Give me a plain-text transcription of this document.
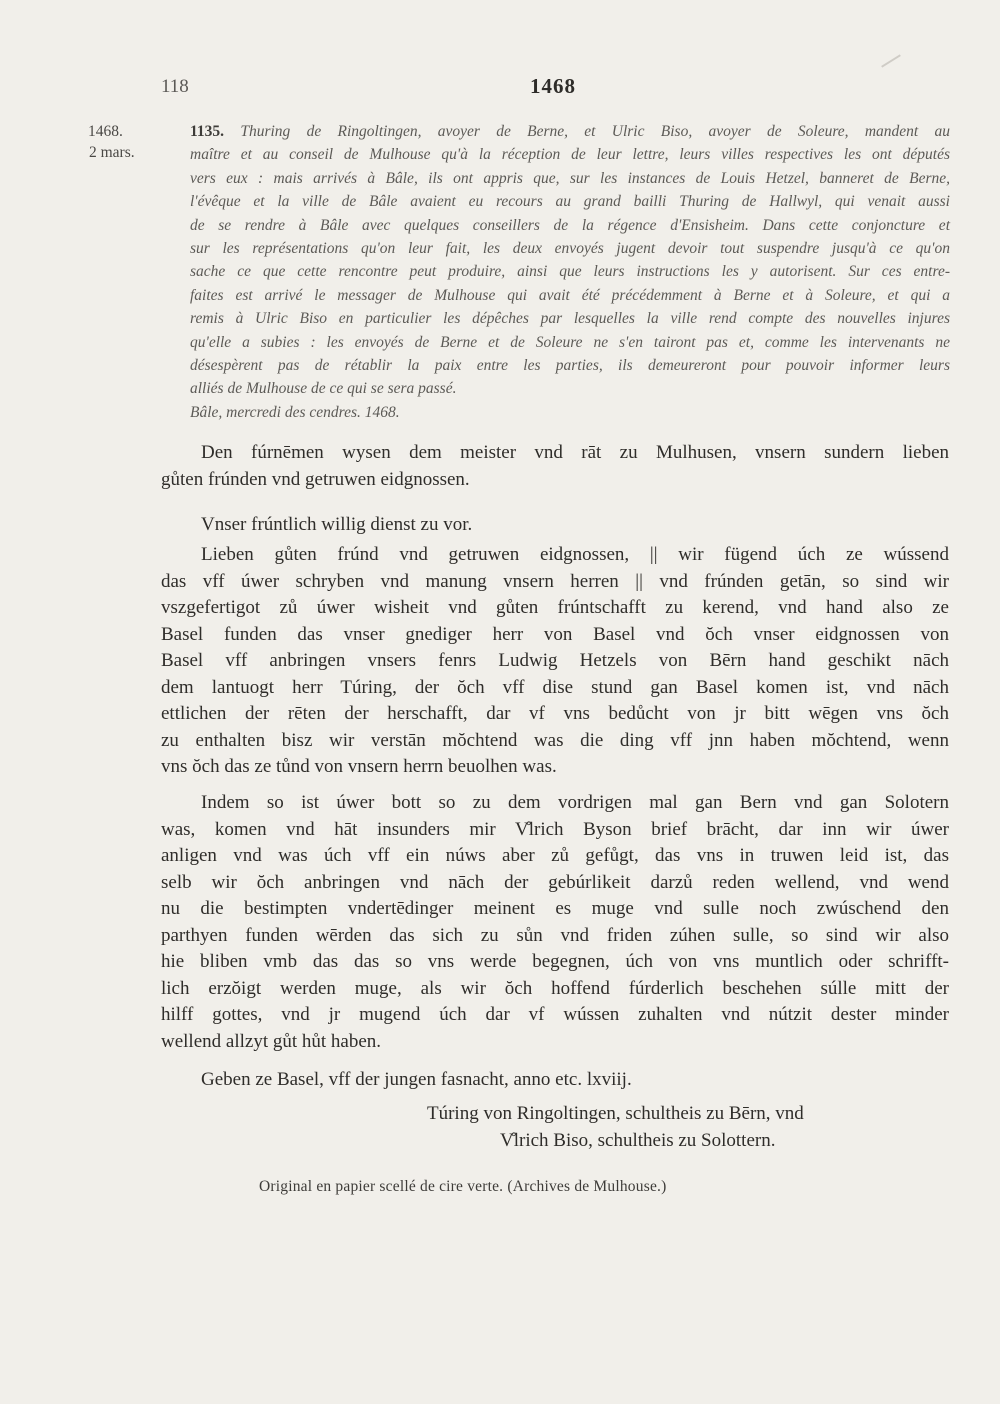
118	1468
1468.
2 mars.
1135. Thuring de Ringoltingen, avoyer de Berne, et Ulric Biso, avoyer de Soleure, mandent au
maître et au conseil de Mulhouse qu'à la réception de leur lettre, leurs villes respectives les ont députés
vers eux : mais arrivés à Bâle, ils ont appris que, sur les instances de Louis Hetzel, banneret de Berne,
l'évêque et la ville de Bâle avaient eu recours au grand bailli Thuring de Hallwyl, qui venait aussi
de se rendre à Bâle avec quelques conseillers de la régence d'Ensisheim. Dans cette conjoncture et
sur les représentations qu'on leur fait, les deux envoyés jugent devoir tout suspendre jusqu'à ce qu'on
sache ce que cette rencontre peut produire, ainsi que leurs instructions les y autorisent. Sur ces entre-
faites est arrivé le messager de Mulhouse qui avait été précédemment à Berne et à Soleure, et qui a
remis à Ulric Biso en particulier les dépêches par lesquelles la ville rend compte des nouvelles injures
qu'elle a subies : les envoyés de Berne et de Soleure ne s'en tairont pas et, comme les intervenants ne
désespèrent pas de rétablir la paix entre les parties, ils demeureront pour pouvoir informer leurs
alliés de Mulhouse de ce qui se sera passé.
Bâle, mercredi des cendres. 1468.
Den fúrnēmen wysen dem meister vnd rāt zu Mulhusen, vnsern sundern lieben
gůten frúnden vnd getruwen eidgnossen.
Vnser frúntlich willig dienst zu vor.
Lieben gůten frúnd vnd getruwen eidgnossen, || wir fügend úch ze wússend
das vff úwer schryben vnd manung vnsern herren || vnd frúnden getān, so sind wir
vszgefertigot zů úwer wisheit vnd gůten frúntschafft zu kerend, vnd hand also ze
Basel funden das vnser gnediger herr von Basel vnd ŏch vnser eidgnossen von
Basel vff anbringen vnsers fenrs Ludwig Hetzels von Bērn hand geschikt nāch
dem lantuogt herr Túring, der ŏch vff dise stund gan Basel komen ist, vnd nāch
ettlichen der rēten der herschafft, dar vf vns bedůcht von jr bitt wēgen vns ŏch
zu enthalten bisz wir verstān mŏchtend was die ding vff jnn haben mŏchtend, wenn
vns ŏch das ze tůnd von vnsern herrn beuolhen was.
Indem so ist úwer bott so zu dem vordrigen mal gan Bern vnd gan Solotern
was, komen vnd hāt insunders mir V̊lrich Byson brief brācht, dar inn wir úwer
anligen vnd was úch vff ein núws aber zů gefůgt, das vns in truwen leid ist, das
selb wir ŏch anbringen vnd nāch der gebúrlikeit darzů reden wellend, vnd wend
nu die bestimpten vndertēdinger meinent es muge vnd sulle noch zwúschend den
parthyen funden wērden das sich zu sůn vnd friden zúhen sulle, so sind wir also
hie bliben vmb das das so vns werde begegnen, úch von vns muntlich oder schrifft-
lich erzŏigt werden muge, als wir ŏch hoffend fúrderlich beschehen súlle mitt der
hilff gottes, vnd jr mugend úch dar vf wússen zuhalten vnd nútzit dester minder
wellend allzyt gůt hůt haben.
Geben ze Basel, vff der jungen fasnacht, anno etc. lxviij.
Túring von Ringoltingen, schultheis zu Bērn, vnd
V̊lrich Biso, schultheis zu Solottern.
Original en papier scellé de cire verte. (Archives de Mulhouse.)
